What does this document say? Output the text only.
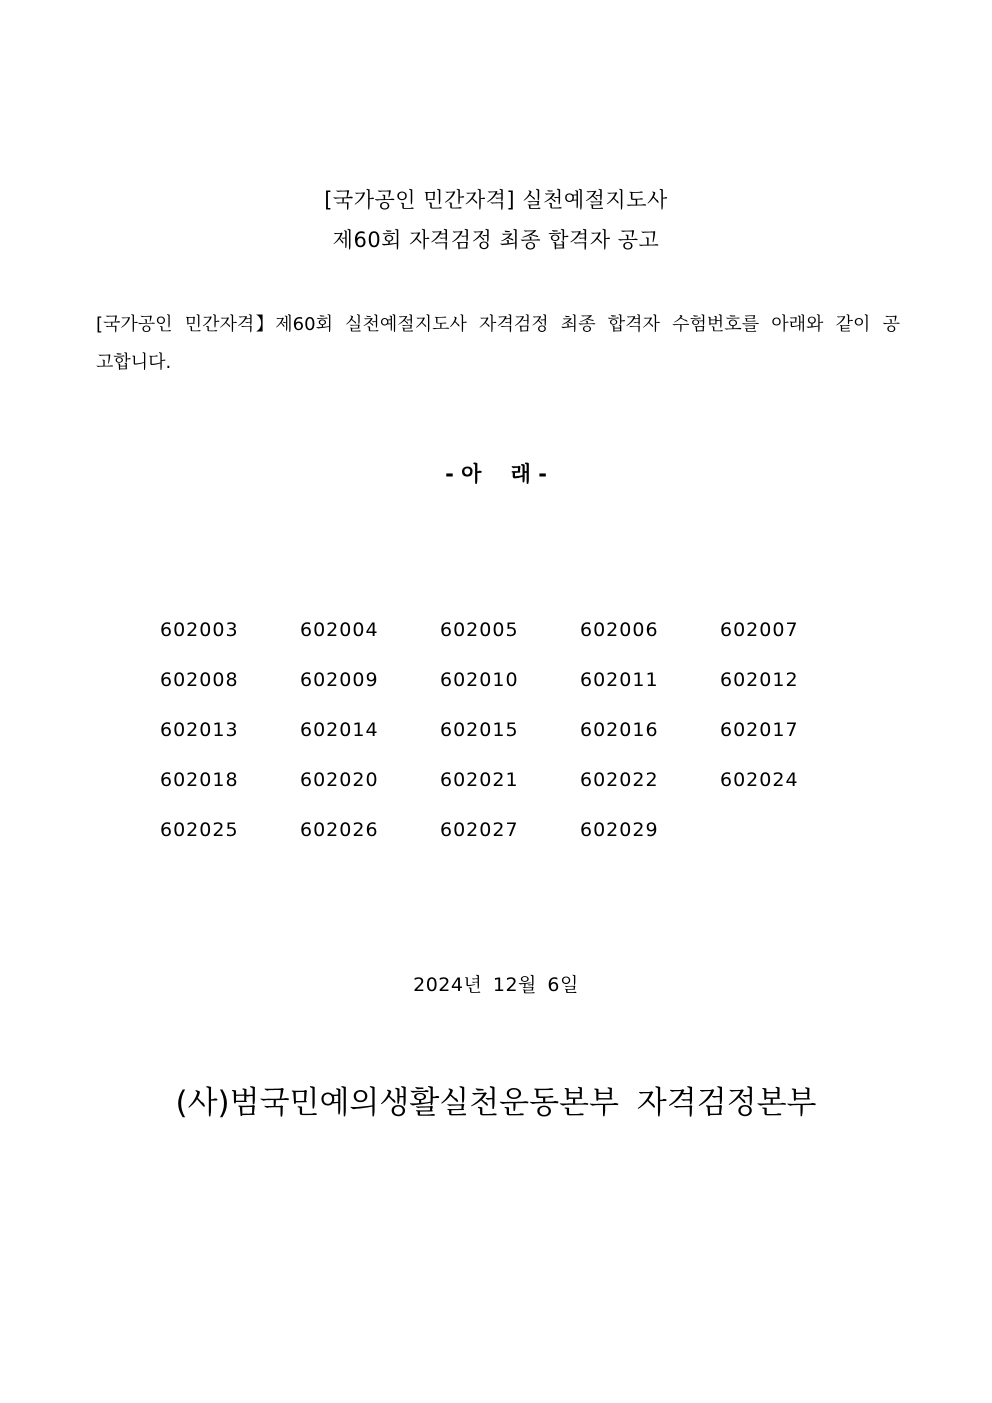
[국가공인 민간자격] 실천예절지도사
제60회 자격검정 최종 합격자 공고
[국가공인 민간자격】제60회 실천예절지도사 자격검정 최종 합격자 수험번호를 아래와 같이 공고합니다.
- 아    래 -
602003	602004	602005	602006	602007
602008	602009	602010	602011	602012
602013	602014	602015	602016	602017
602018	602020	602021	602022	602024
602025	602026	602027	602029
2024년 12월 6일
(사)범국민예의생활실천운동본부 자격검정본부
